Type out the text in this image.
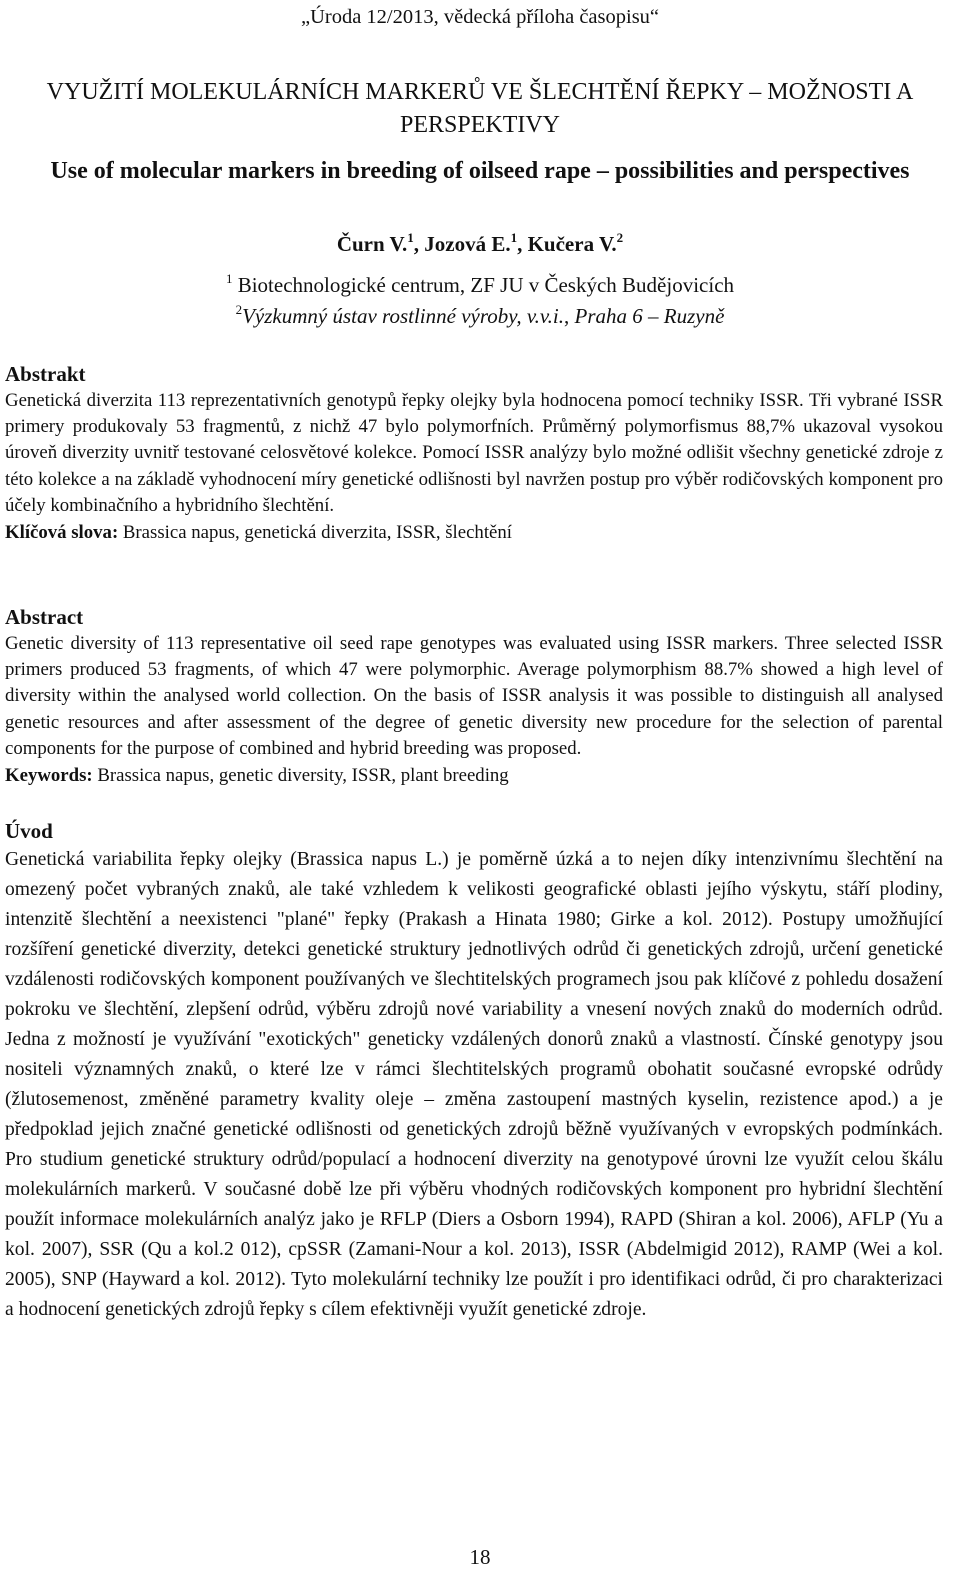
„Úroda 12/2013, vědecká příloha časopisu“
VYUŽITÍ MOLEKULÁRNÍCH MARKERŮ VE ŠLECHTĚNÍ ŘEPKY – MOŽNOSTI A PERSPEKTIVY
Use of molecular markers in breeding of oilseed rape – possibilities and perspectives
Čurn V.$^1$, Jozová E.$^1$, Kučera V.$^2$
$^1$ Biotechnologické centrum, ZF JU v Českých Budějovicích
$^2$Výzkumný ústav rostlinné výroby, v.v.i., Praha 6 – Ruzyně
Abstrakt

Genetická diverzita 113 reprezentativních genotypů řepky olejky byla hodnocena pomocí techniky ISSR. Tři vybrané ISSR primery produkovaly 53 fragmentů, z nichž 47 bylo polymorfních. Průměrný polymorfismus 88,7% ukazoval vysokou úroveň diverzity uvnitř testované celosvětové kolekce. Pomocí ISSR analýzy bylo možné odlišit všechny genetické zdroje z této kolekce a na základě vyhodnocení míry genetické odlišnosti byl navržen postup pro výběr rodičovských komponent pro účely kombinačního a hybridního šlechtění.

Klíčová slova: Brassica napus, genetická diverzita, ISSR, šlechtění
Abstract

Genetic diversity of 113 representative oil seed rape genotypes was evaluated using ISSR markers. Three selected ISSR primers produced 53 fragments, of which 47 were polymorphic. Average polymorphism 88.7% showed a high level of diversity within the analysed world collection. On the basis of ISSR analysis it was possible to distinguish all analysed genetic resources and after assessment of the degree of genetic diversity new procedure for the selection of parental components for the purpose of combined and hybrid breeding was proposed.

Keywords: Brassica napus, genetic diversity, ISSR, plant breeding
Úvod

Genetická variabilita řepky olejky (Brassica napus L.) je poměrně úzká a to nejen díky intenzivnímu šlechtění na omezený počet vybraných znaků, ale také vzhledem k velikosti geografické oblasti jejího výskytu, stáří plodiny, intenzitě šlechtění a neexistenci "plané" řepky (Prakash a Hinata 1980; Girke a kol. 2012). Postupy umožňující rozšíření genetické diverzity, detekci genetické struktury jednotlivých odrůd či genetických zdrojů, určení genetické vzdálenosti rodičovských komponent používaných ve šlechtitelských programech jsou pak klíčové z pohledu dosažení pokroku ve šlechtění, zlepšení odrůd, výběru zdrojů nové variability a vnesení nových znaků do moderních odrůd. Jedna z možností je využívání "exotických" geneticky vzdálených donorů znaků a vlastností. Čínské genotypy jsou nositeli významných znaků, o které lze v rámci šlechtitelských programů obohatit současné evropské odrůdy (žlutosemenost, změněné parametry kvality oleje – změna zastoupení mastných kyselin, rezistence apod.) a je předpoklad jejich značné genetické odlišnosti od genetických zdrojů běžně využívaných v evropských podmínkách. Pro studium genetické struktury odrůd/populací a hodnocení diverzity na genotypové úrovni lze využít celou škálu molekulárních markerů. V současné době lze při výběru vhodných rodičovských komponent pro hybridní šlechtění použít informace molekulárních analýz jako je RFLP (Diers a Osborn 1994), RAPD (Shiran a kol. 2006), AFLP (Yu a kol. 2007), SSR (Qu a kol.2 012), cpSSR (Zamani-Nour a kol. 2013), ISSR (Abdelmigid 2012), RAMP (Wei a kol. 2005), SNP (Hayward a kol. 2012). Tyto molekulární techniky lze použít i pro identifikaci odrůd, či pro charakterizaci a hodnocení genetických zdrojů řepky s cílem efektivněji využít genetické zdroje.

18
